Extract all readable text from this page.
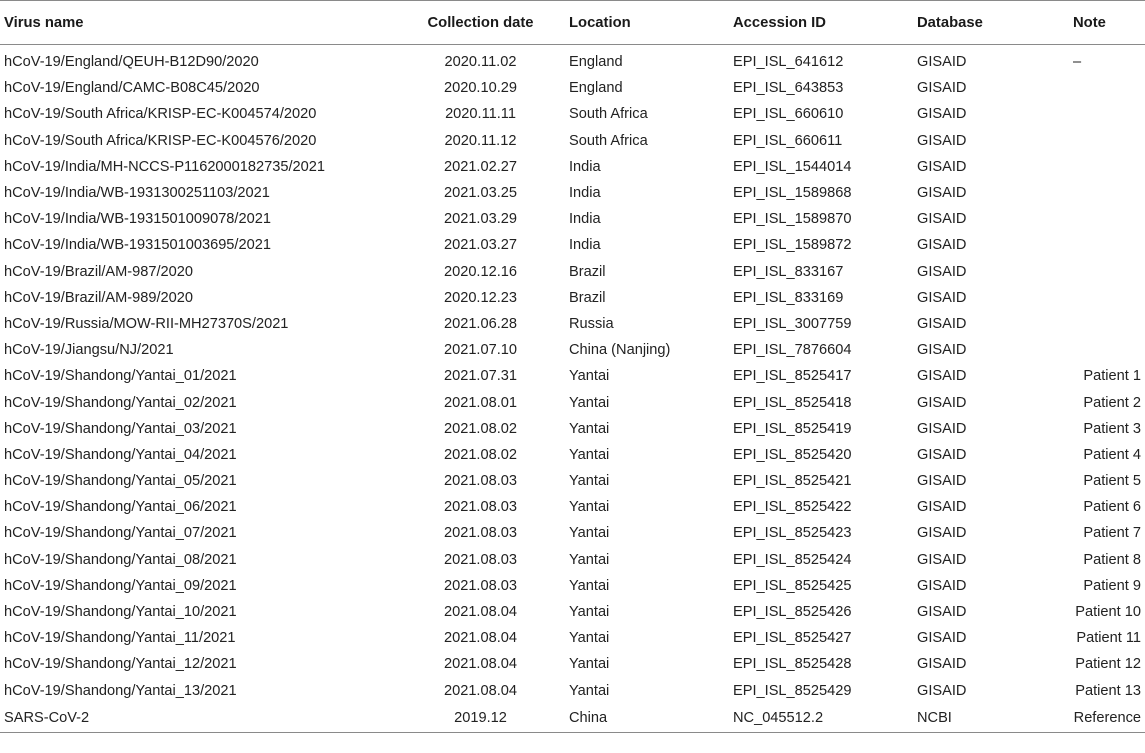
Virus name	Collection date	Location	Accession ID	Database	Note
hCoV-19/England/QEUH-B12D90/2020	2020.11.02	England	EPI_ISL_641612	GISAID	–
hCoV-19/England/CAMC-B08C45/2020	2020.10.29	England	EPI_ISL_643853	GISAID	
hCoV-19/South Africa/KRISP-EC-K004574/2020	2020.11.11	South Africa	EPI_ISL_660610	GISAID	
hCoV-19/South Africa/KRISP-EC-K004576/2020	2020.11.12	South Africa	EPI_ISL_660611	GISAID	
hCoV-19/India/MH-NCCS-P1162000182735/2021	2021.02.27	India	EPI_ISL_1544014	GISAID	
hCoV-19/India/WB-1931300251103/2021	2021.03.25	India	EPI_ISL_1589868	GISAID	
hCoV-19/India/WB-1931501009078/2021	2021.03.29	India	EPI_ISL_1589870	GISAID	
hCoV-19/India/WB-1931501003695/2021	2021.03.27	India	EPI_ISL_1589872	GISAID	
hCoV-19/Brazil/AM-987/2020	2020.12.16	Brazil	EPI_ISL_833167	GISAID	
hCoV-19/Brazil/AM-989/2020	2020.12.23	Brazil	EPI_ISL_833169	GISAID	
hCoV-19/Russia/MOW-RII-MH27370S/2021	2021.06.28	Russia	EPI_ISL_3007759	GISAID	
hCoV-19/Jiangsu/NJ/2021	2021.07.10	China (Nanjing)	EPI_ISL_7876604	GISAID	
hCoV-19/Shandong/Yantai_01/2021	2021.07.31	Yantai	EPI_ISL_8525417	GISAID	Patient 1
hCoV-19/Shandong/Yantai_02/2021	2021.08.01	Yantai	EPI_ISL_8525418	GISAID	Patient 2
hCoV-19/Shandong/Yantai_03/2021	2021.08.02	Yantai	EPI_ISL_8525419	GISAID	Patient 3
hCoV-19/Shandong/Yantai_04/2021	2021.08.02	Yantai	EPI_ISL_8525420	GISAID	Patient 4
hCoV-19/Shandong/Yantai_05/2021	2021.08.03	Yantai	EPI_ISL_8525421	GISAID	Patient 5
hCoV-19/Shandong/Yantai_06/2021	2021.08.03	Yantai	EPI_ISL_8525422	GISAID	Patient 6
hCoV-19/Shandong/Yantai_07/2021	2021.08.03	Yantai	EPI_ISL_8525423	GISAID	Patient 7
hCoV-19/Shandong/Yantai_08/2021	2021.08.03	Yantai	EPI_ISL_8525424	GISAID	Patient 8
hCoV-19/Shandong/Yantai_09/2021	2021.08.03	Yantai	EPI_ISL_8525425	GISAID	Patient 9
hCoV-19/Shandong/Yantai_10/2021	2021.08.04	Yantai	EPI_ISL_8525426	GISAID	Patient 10
hCoV-19/Shandong/Yantai_11/2021	2021.08.04	Yantai	EPI_ISL_8525427	GISAID	Patient 11
hCoV-19/Shandong/Yantai_12/2021	2021.08.04	Yantai	EPI_ISL_8525428	GISAID	Patient 12
hCoV-19/Shandong/Yantai_13/2021	2021.08.04	Yantai	EPI_ISL_8525429	GISAID	Patient 13
SARS-CoV-2	2019.12	China	NC_045512.2	NCBI	Reference
